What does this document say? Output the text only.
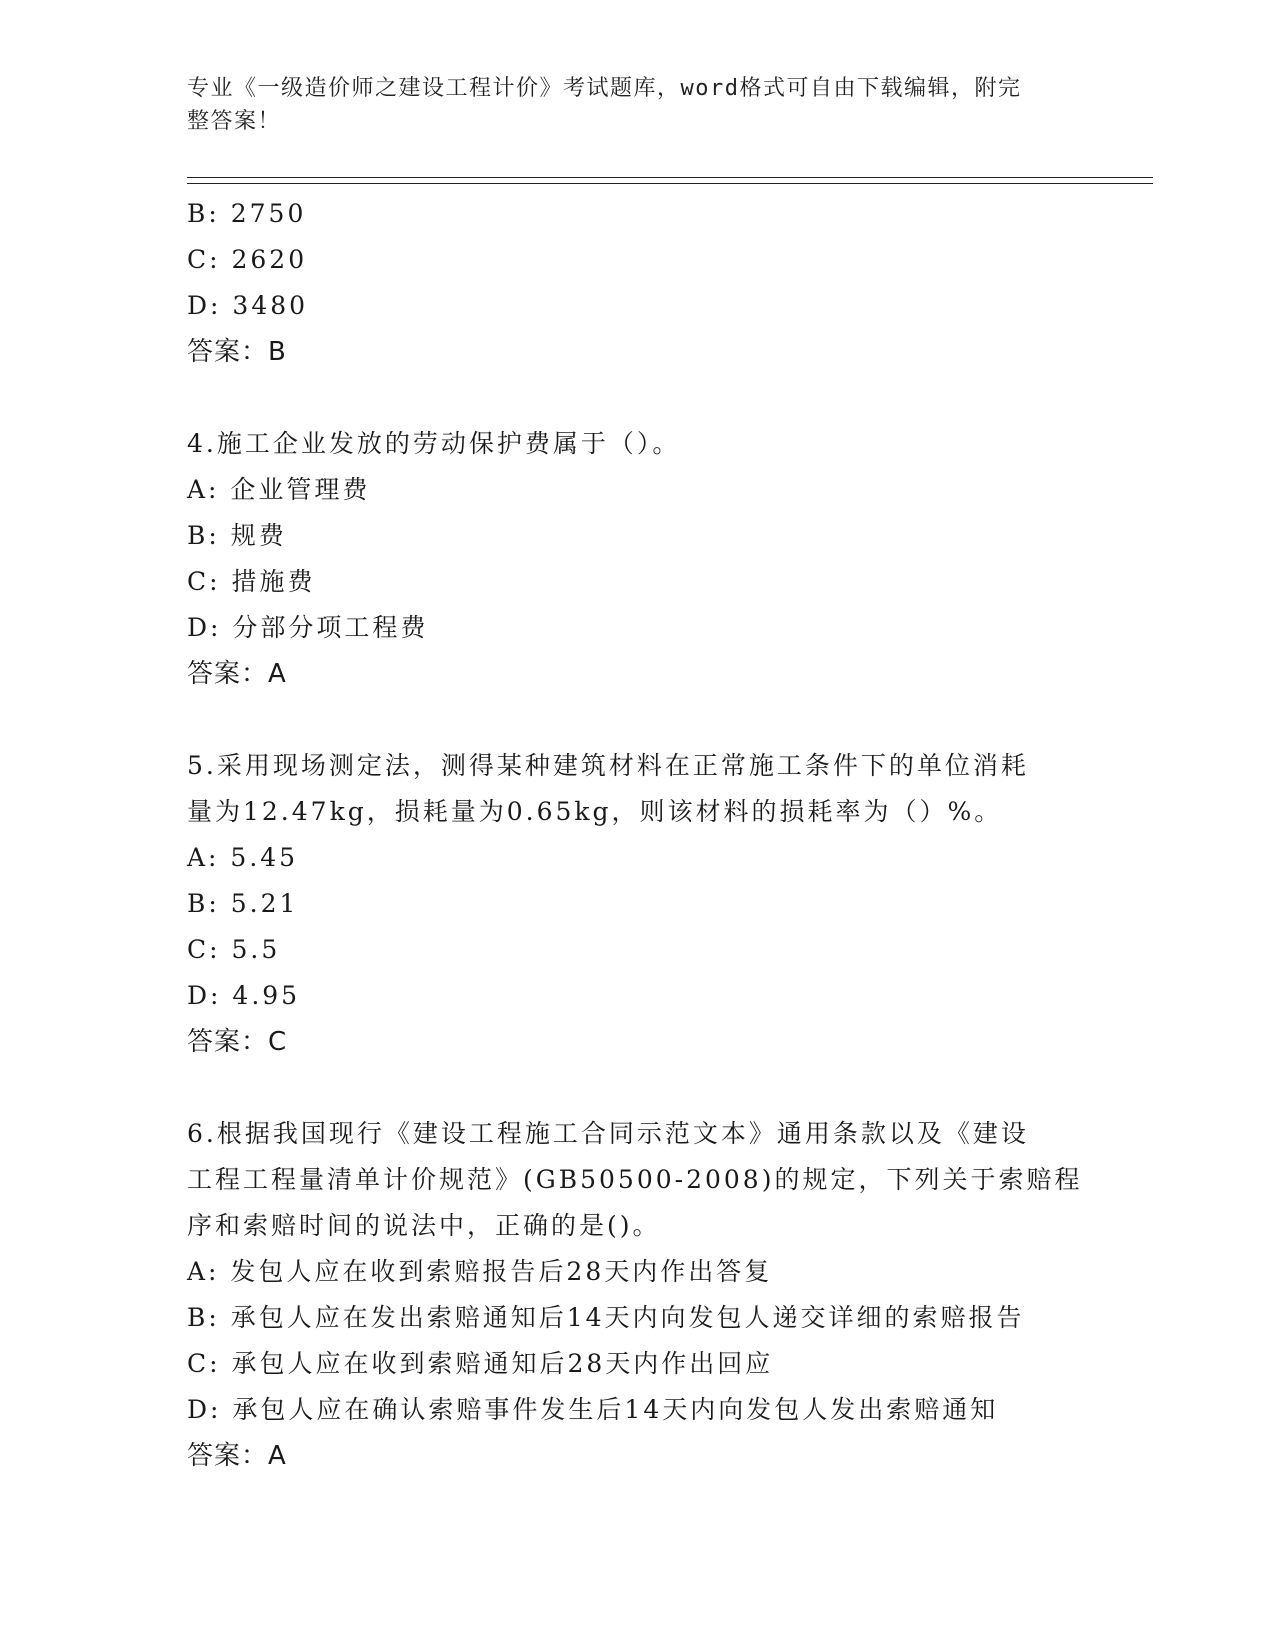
专业《一级造价师之建设工程计价》考试题库，word格式可自由下载编辑，附完
整答案！
B: 2750
C: 2620
D: 3480
答案：B
4.施工企业发放的劳动保护费属于（）。
A: 企业管理费
B: 规费
C: 措施费
D: 分部分项工程费
答案：A
5.采用现场测定法，测得某种建筑材料在正常施工条件下的单位消耗
量为12.47kg，损耗量为0.65kg，则该材料的损耗率为（）%。
A: 5.45
B: 5.21
C: 5.5
D: 4.95
答案：C
6.根据我国现行《建设工程施工合同示范文本》通用条款以及《建设
工程工程量清单计价规范》(GB50500-2008)的规定，下列关于索赔程
序和索赔时间的说法中，正确的是()。
A: 发包人应在收到索赔报告后28天内作出答复
B: 承包人应在发出索赔通知后14天内向发包人递交详细的索赔报告
C: 承包人应在收到索赔通知后28天内作出回应
D: 承包人应在确认索赔事件发生后14天内向发包人发出索赔通知
答案：A
